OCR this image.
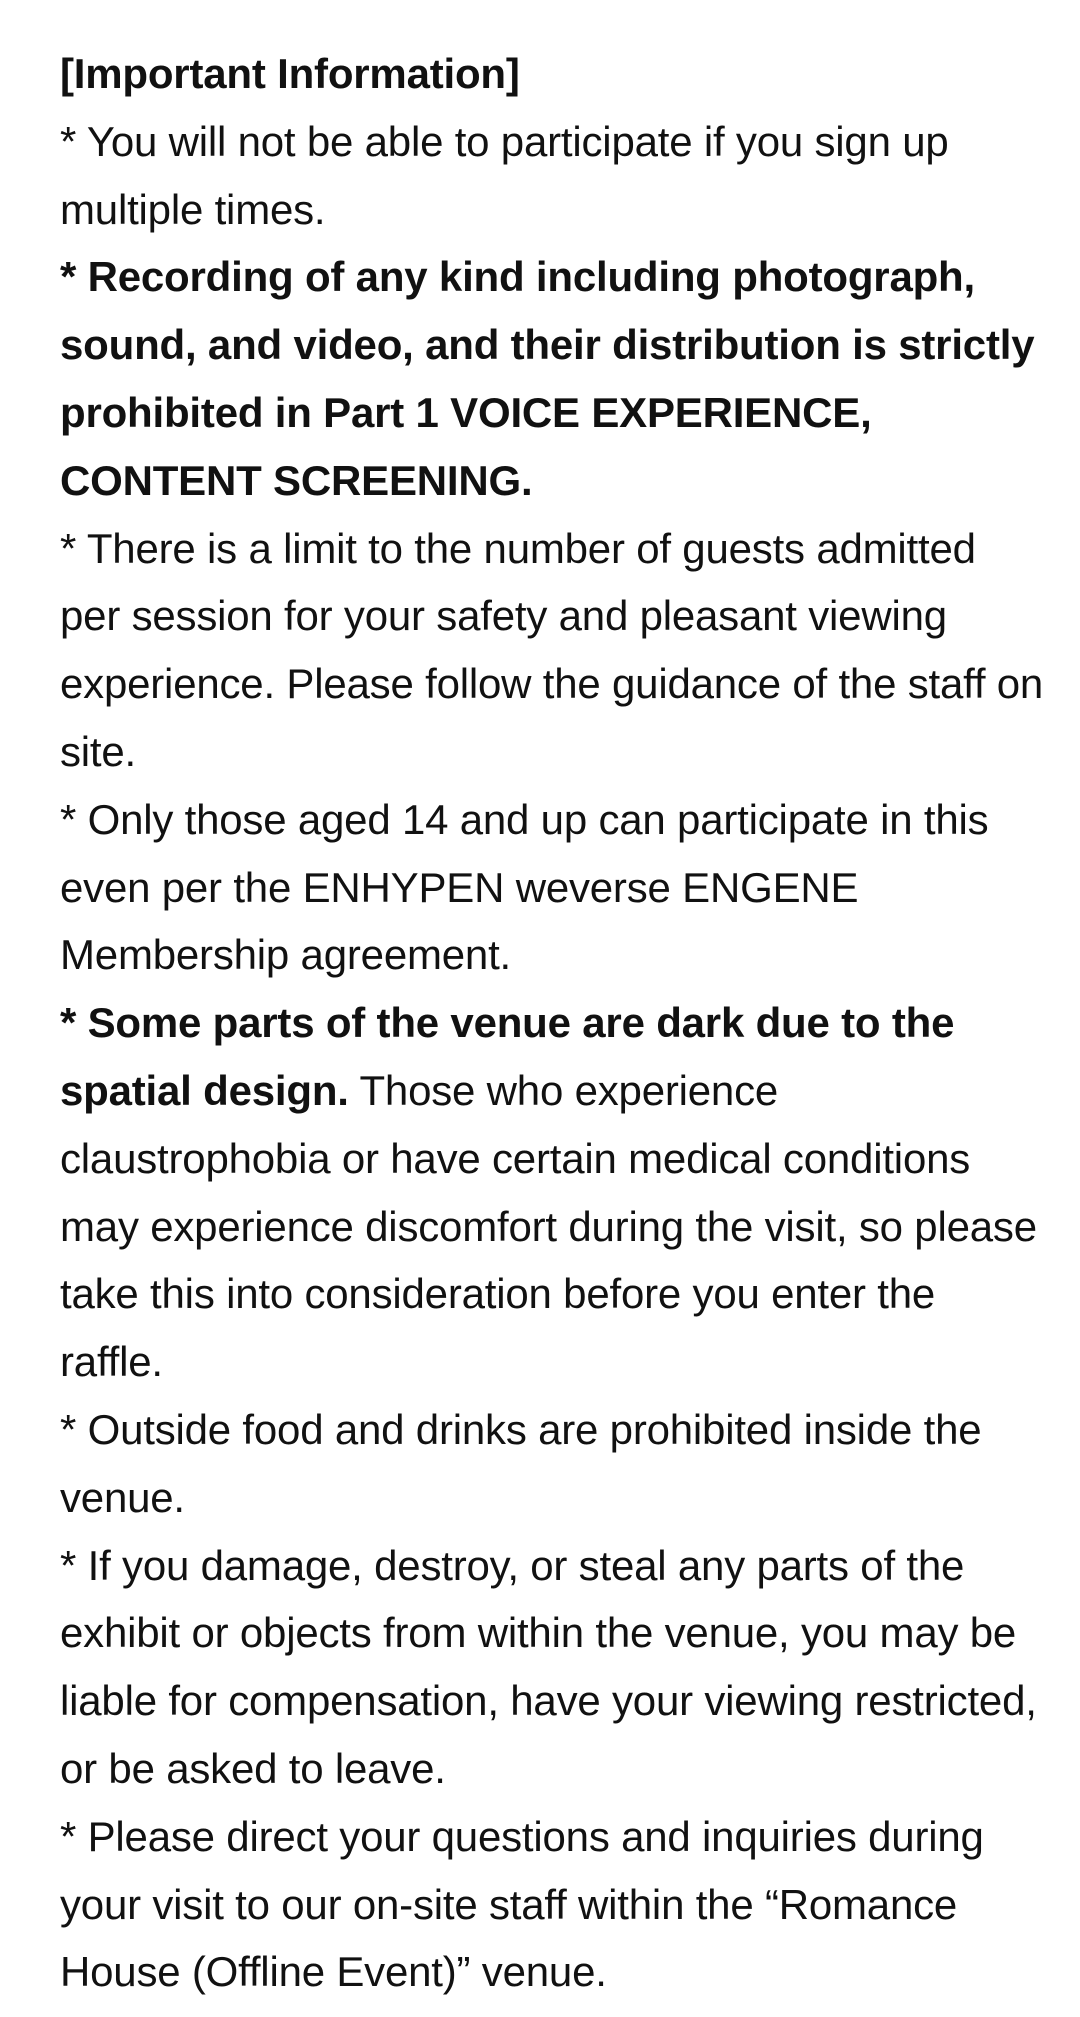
[Important Information]

* You will not be able to participate if you sign up multiple times.

* Recording of any kind including photograph, sound, and video, and their distribution is strictly prohibited in Part 1 VOICE EXPERIENCE, CONTENT SCREENING.

* There is a limit to the number of guests admitted per session for your safety and pleasant viewing experience. Please follow the guidance of the staff on site.

* Only those aged 14 and up can participate in this even per the ENHYPEN weverse ENGENE Membership agreement.

* Some parts of the venue are dark due to the spatial design. Those who experience claustrophobia or have certain medical conditions may experience discomfort during the visit, so please take this into consideration before you enter the raffle.

* Outside food and drinks are prohibited inside the venue.

* If you damage, destroy, or steal any parts of the exhibit or objects from within the venue, you may be liable for compensation, have your viewing restricted, or be asked to leave.

* Please direct your questions and inquiries during your visit to our on-site staff within the “Romance House (Offline Event)” venue.
